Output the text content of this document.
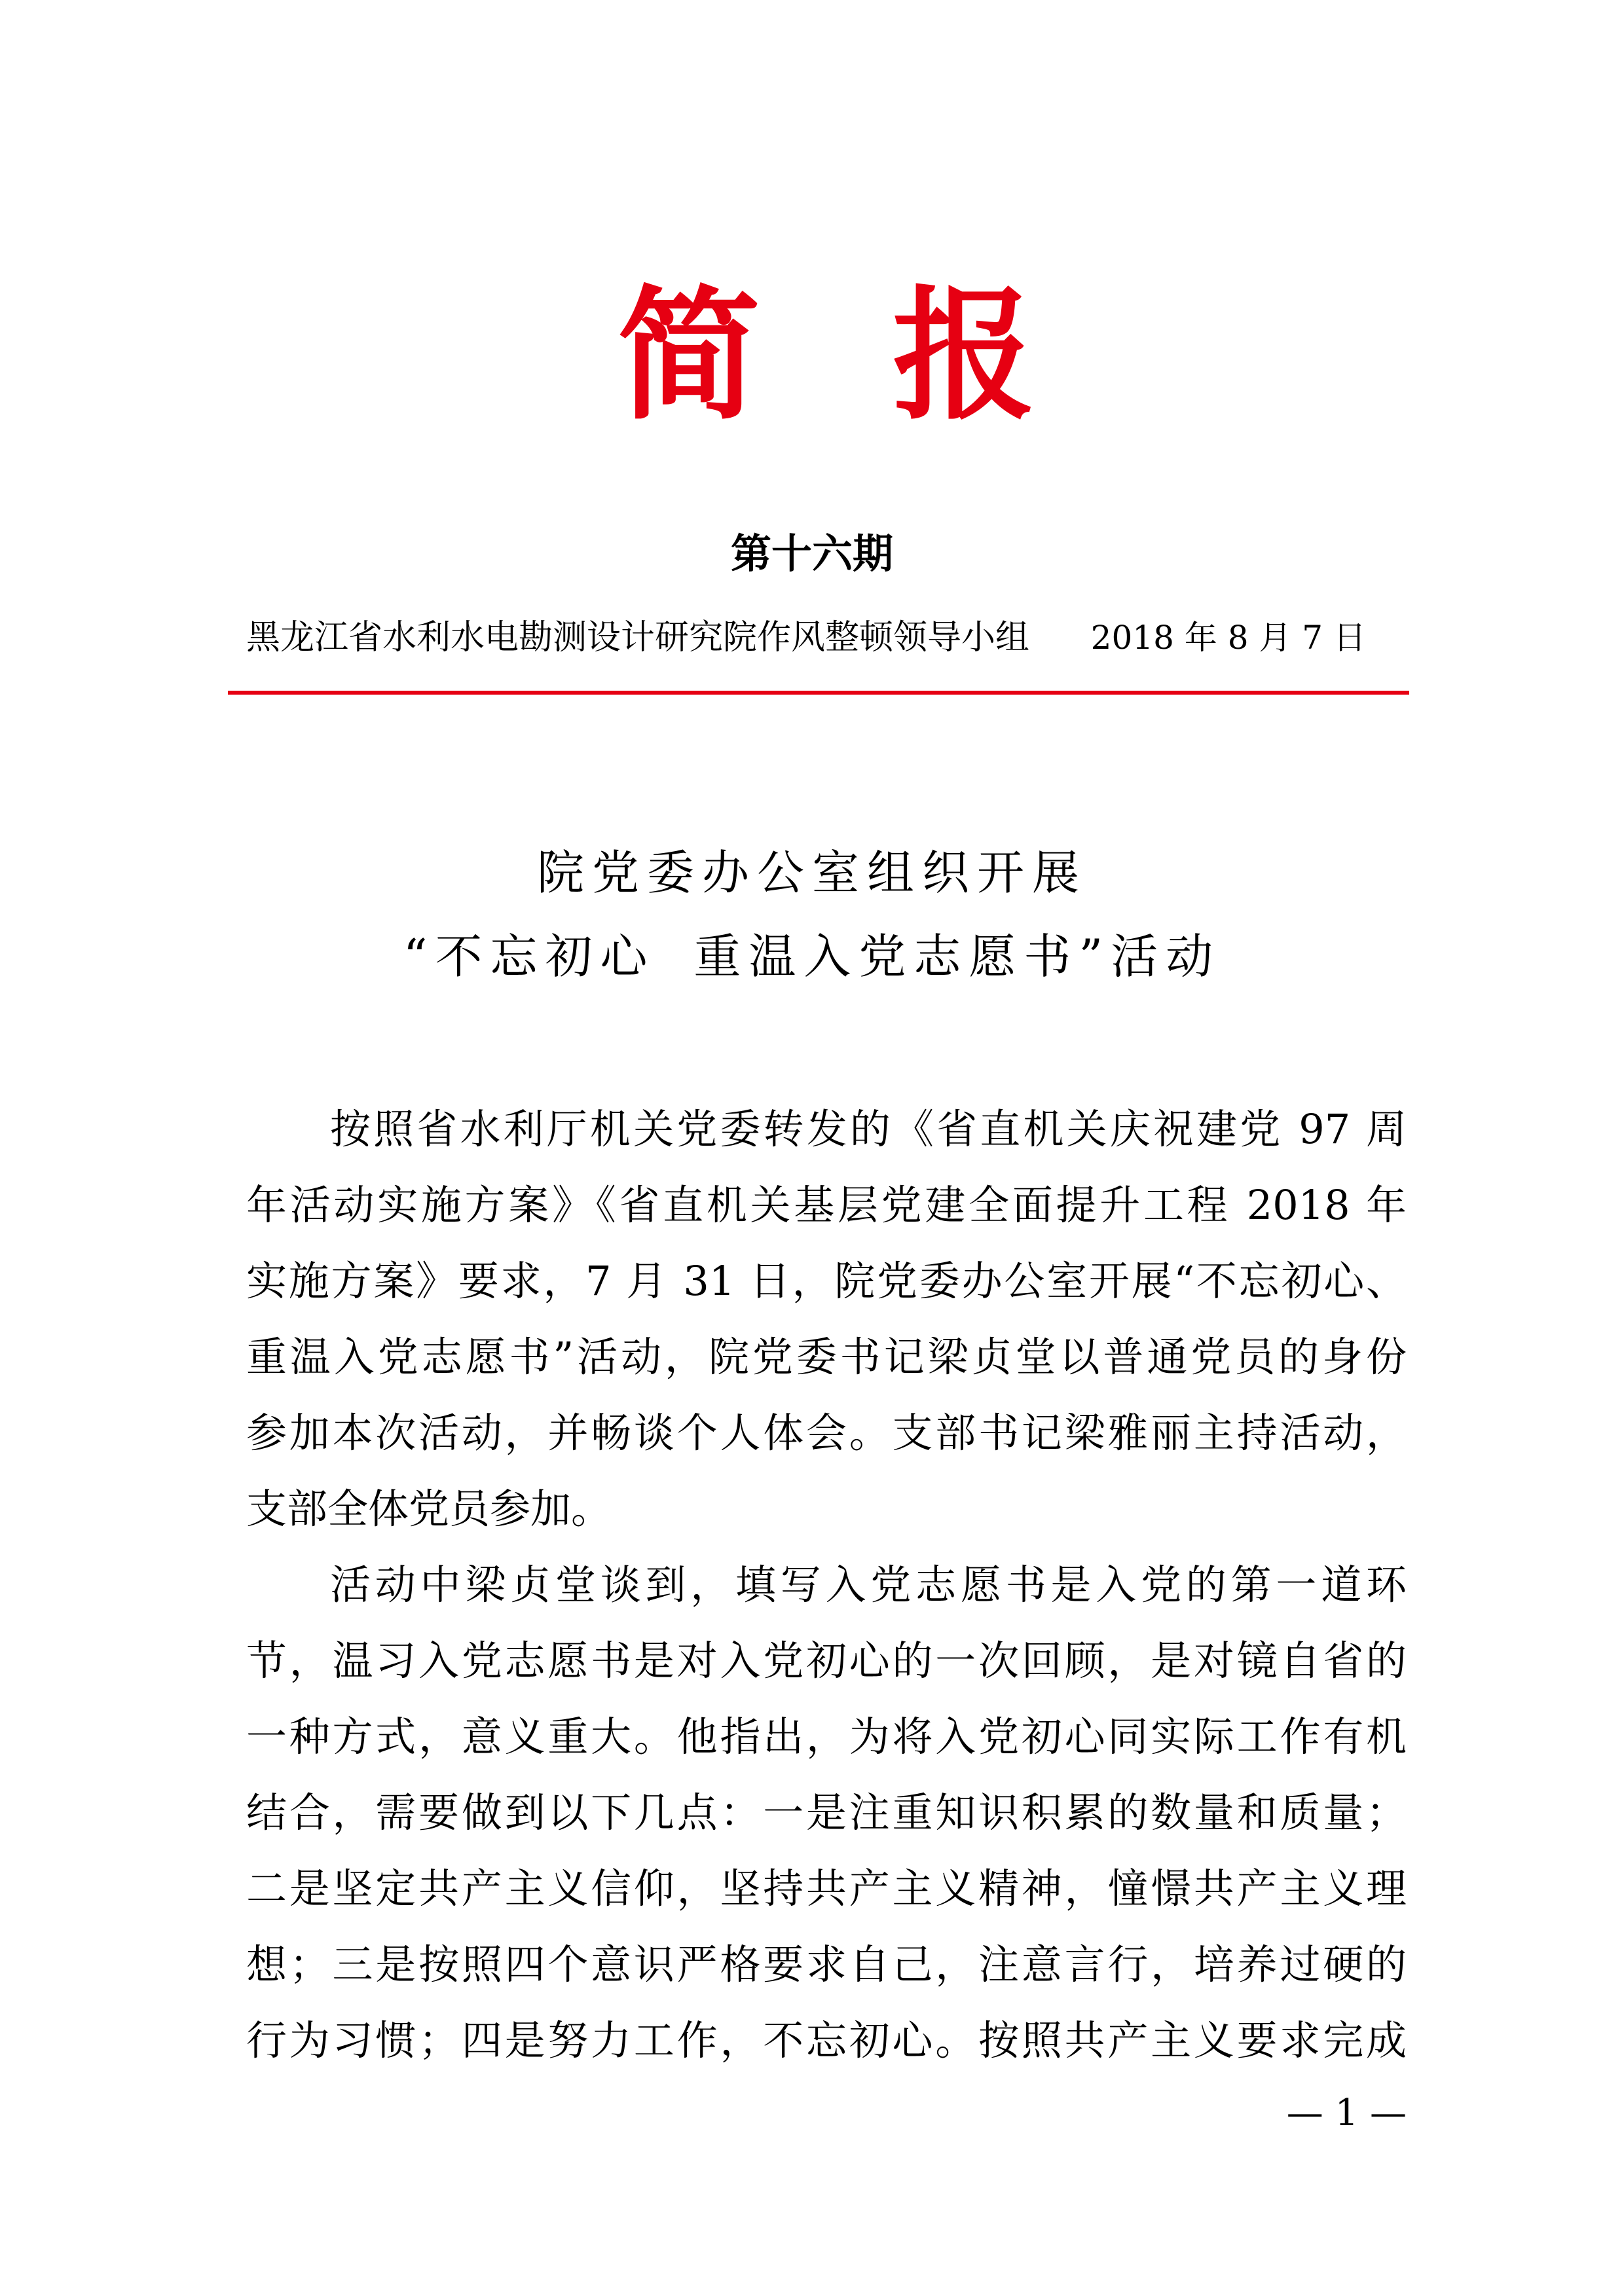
简 报
第十六期
黑龙江省水利水电勘测设计研究院作风整顿领导小组 2018 年 8 月 7 日
院党委办公室组织开展
“不忘初心 重温入党志愿书”活动
按照省水利厅机关党委转发的《省直机关庆祝建党 97 周
年活动实施方案》《省直机关基层党建全面提升工程 2018 年
实施方案》要求，7 月 31 日，院党委办公室开展“不忘初心、
重温入党志愿书”活动，院党委书记梁贞堂以普通党员的身份
参加本次活动，并畅谈个人体会。支部书记梁雅丽主持活动，
支部全体党员参加。
活动中梁贞堂谈到，填写入党志愿书是入党的第一道环
节，温习入党志愿书是对入党初心的一次回顾，是对镜自省的
一种方式，意义重大。他指出，为将入党初心同实际工作有机
结合，需要做到以下几点：一是注重知识积累的数量和质量；
二是坚定共产主义信仰，坚持共产主义精神，憧憬共产主义理
想；三是按照四个意识严格要求自己，注意言行，培养过硬的
行为习惯；四是努力工作，不忘初心。按照共产主义要求完成
— 1 —
